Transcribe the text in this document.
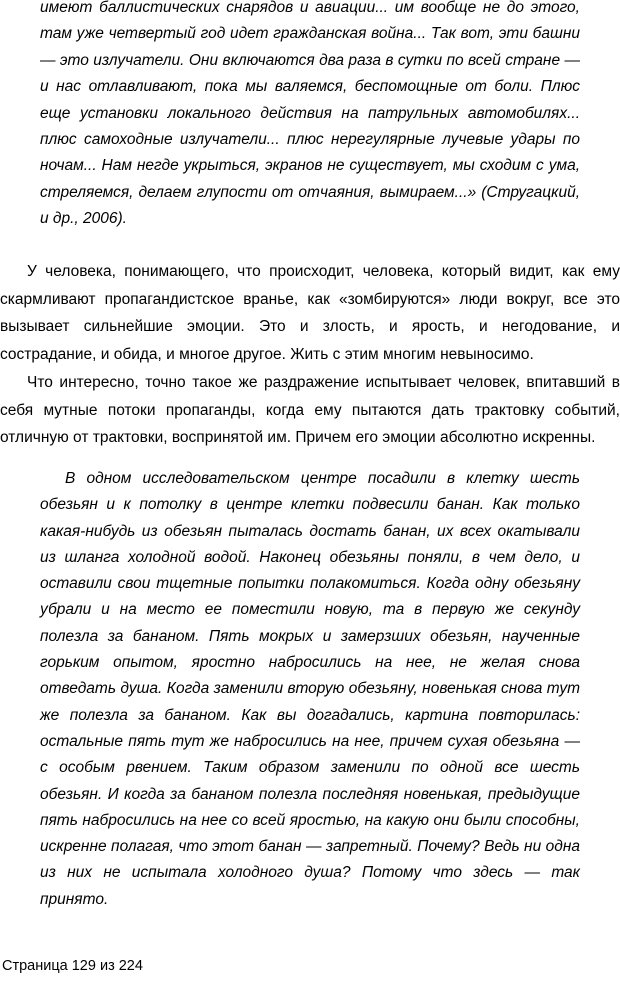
имеют баллистических снарядов и авиации... им вообще не до этого, там уже четвертый год идет гражданская война... Так вот, эти башни — это излучатели. Они включаются два раза в сутки по всей стране — и нас отлавливают, пока мы валяемся, беспомощные от боли. Плюс еще установки локального действия на патрульных автомобилях... плюс самоходные излучатели... плюс нерегулярные лучевые удары по ночам... Нам негде укрыться, экранов не существует, мы сходим с ума, стреляемся, делаем глупости от отчаяния, вымираем...» (Стругацкий, и др., 2006).

У человека, понимающего, что происходит, человека, который видит, как ему скармливают пропагандистское вранье, как «зомбируются» люди вокруг, все это вызывает сильнейшие эмоции. Это и злость, и ярость, и негодование, и сострадание, и обида, и многое другое. Жить с этим многим невыносимо.

Что интересно, точно такое же раздражение испытывает человек, впитавший в себя мутные потоки пропаганды, когда ему пытаются дать трактовку событий, отличную от трактовки, воспринятой им. Причем его эмоции абсолютно искренны.

В одном исследовательском центре посадили в клетку шесть обезьян и к потолку в центре клетки подвесили банан. Как только какая-нибудь из обезьян пыталась достать банан, их всех окатывали из шланга холодной водой. Наконец обезьяны поняли, в чем дело, и оставили свои тщетные попытки полакомиться. Когда одну обезьяну убрали и на место ее поместили новую, та в первую же секунду полезла за бананом. Пять мокрых и замерзших обезьян, наученные горьким опытом, яростно набросились на нее, не желая снова отведать душа. Когда заменили вторую обезьяну, новенькая снова тут же полезла за бананом. Как вы догадались, картина повторилась: остальные пять тут же набросились на нее, причем сухая обезьяна — с особым рвением. Таким образом заменили по одной все шесть обезьян. И когда за бананом полезла последняя новенькая, предыдущие пять набросились на нее со всей яростью, на какую они были способны, искренне полагая, что этот банан — запретный. Почему? Ведь ни одна из них не испытала холодного душа? Потому что здесь — так принято.

Страница 129 из 224
